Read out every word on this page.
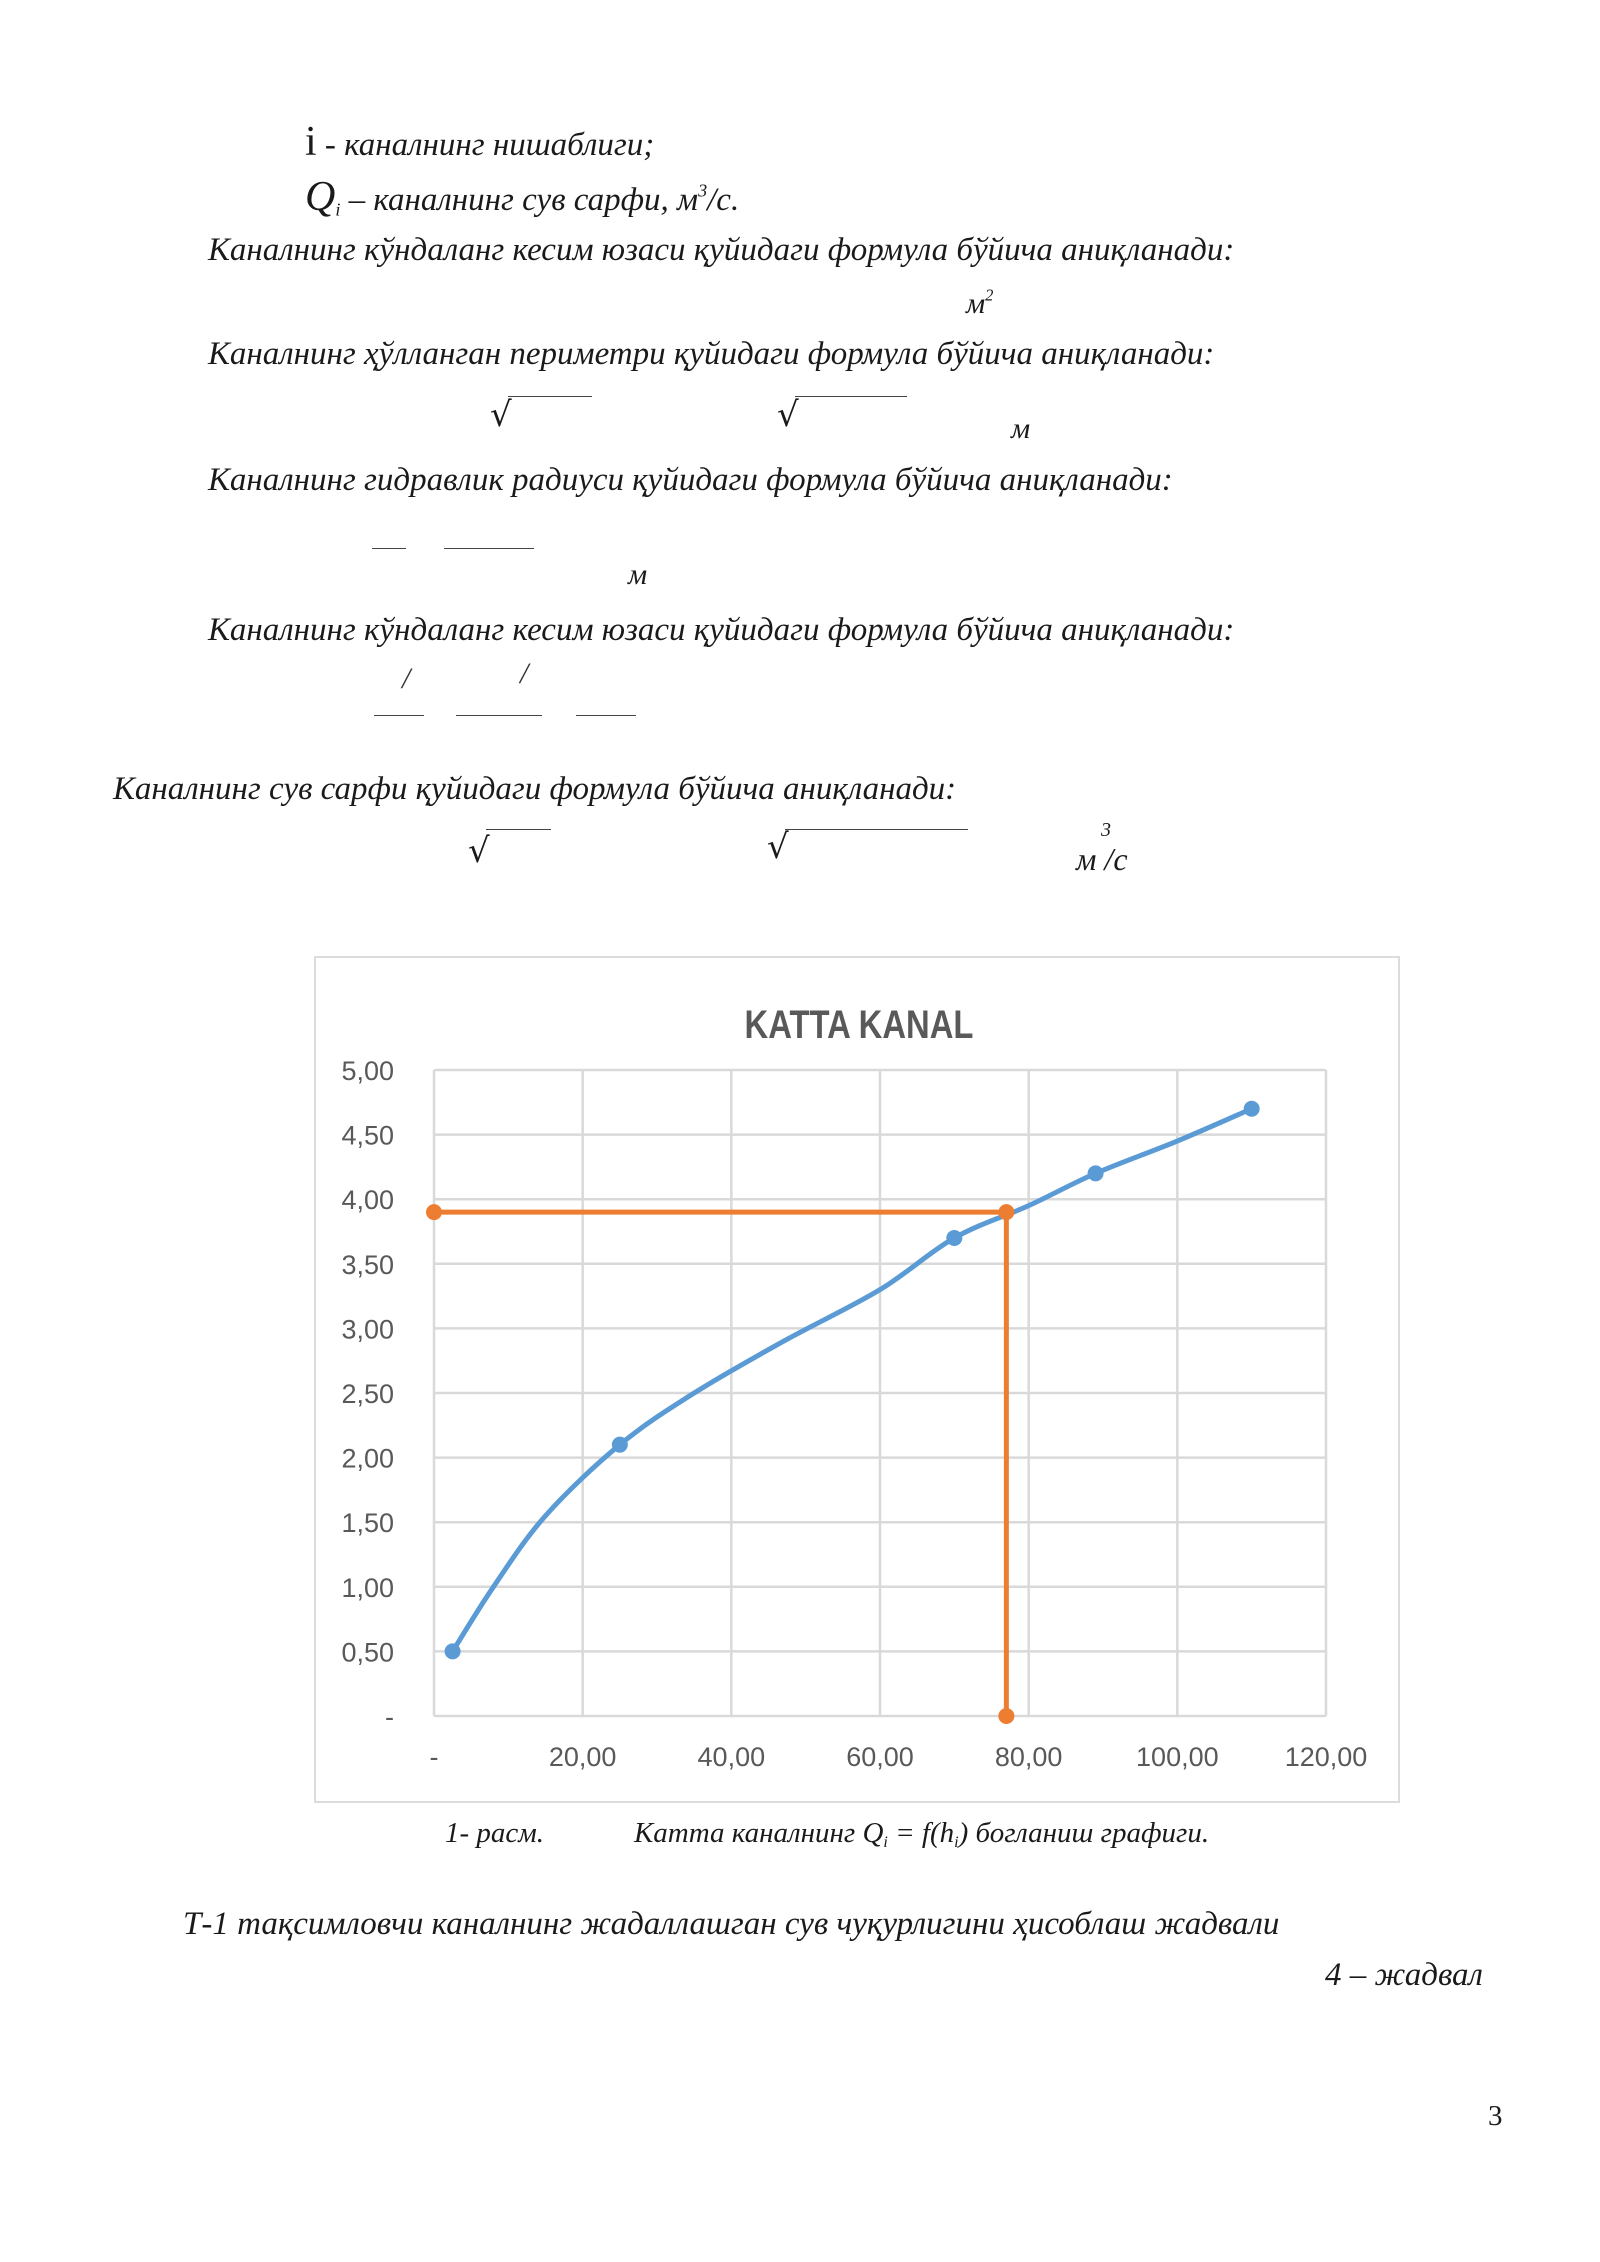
i - каналнинг нишаблиги;
$Q_i$ – каналнинг сув сарфи, $м^3/с$.
Каналнинг кўндаланг кесим юзаси қуйидаги формула бўйича аниқланади:
$м^2$
Каналнинг ҳўлланган периметри қуйидаги формула бўйича аниқланади:
√	√	м
Каналнинг гидравлик радиуси қуйидаги формула бўйича аниқланади:
м
Каналнинг кўндаланг кесим юзаси қуйидаги формула бўйича аниқланади:
/	/
Каналнинг сув сарфи қуйидаги формула бўйича аниқланади:
√	√	3
м /с
KATTA KANAL
-
0,50
1,00
1,50
2,00
2,50
3,00
3,50
4,00
4,50
5,00
-	20,00	40,00	60,00	80,00	100,00 120,00
1- расм.	Катта каналнинг $Q_i = f(h_i)$ богланиш графиги.
Т-1 тақсимловчи каналнинг жадаллашган сув чуқурлигини ҳисоблаш жадвали
4 – жадвал
3
